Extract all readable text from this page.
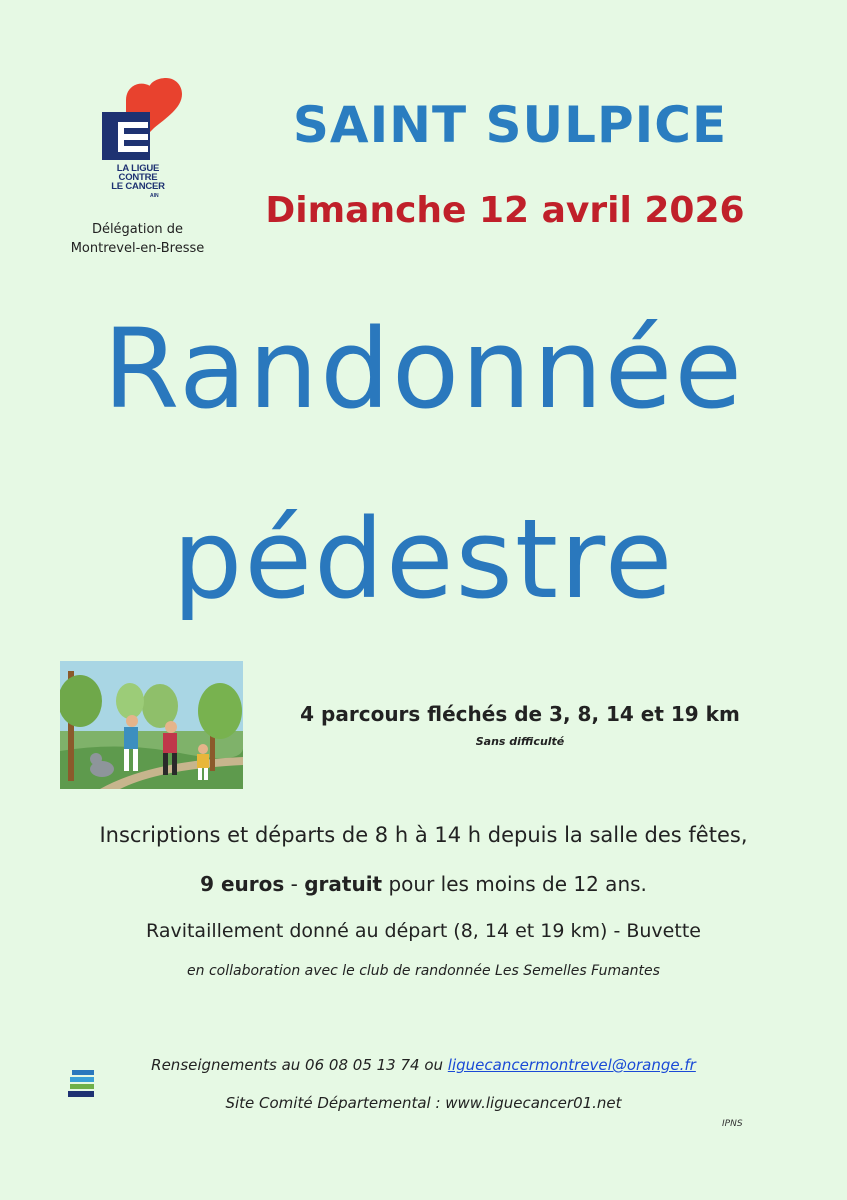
LA LIGUE
CONTRE
LE CANCER
AIN
Délégation de
Montrevel-en-Bresse
SAINT SULPICE
Dimanche 12 avril 2026
Randonnée
pédestre
4 parcours fléchés de 3, 8, 14 et 19 km
Sans difficulté
Inscriptions et départs de 8 h à 14 h depuis la salle des fêtes,
9 euros - gratuit pour les moins de 12 ans.
Ravitaillement donné au départ (8, 14 et 19 km) - Buvette
en collaboration avec le club de randonnée Les Semelles Fumantes
Renseignements au 06 08 05 13 74 ou liguecancermontrevel@orange.fr
Site Comité Départemental : www.liguecancer01.net
IPNS
